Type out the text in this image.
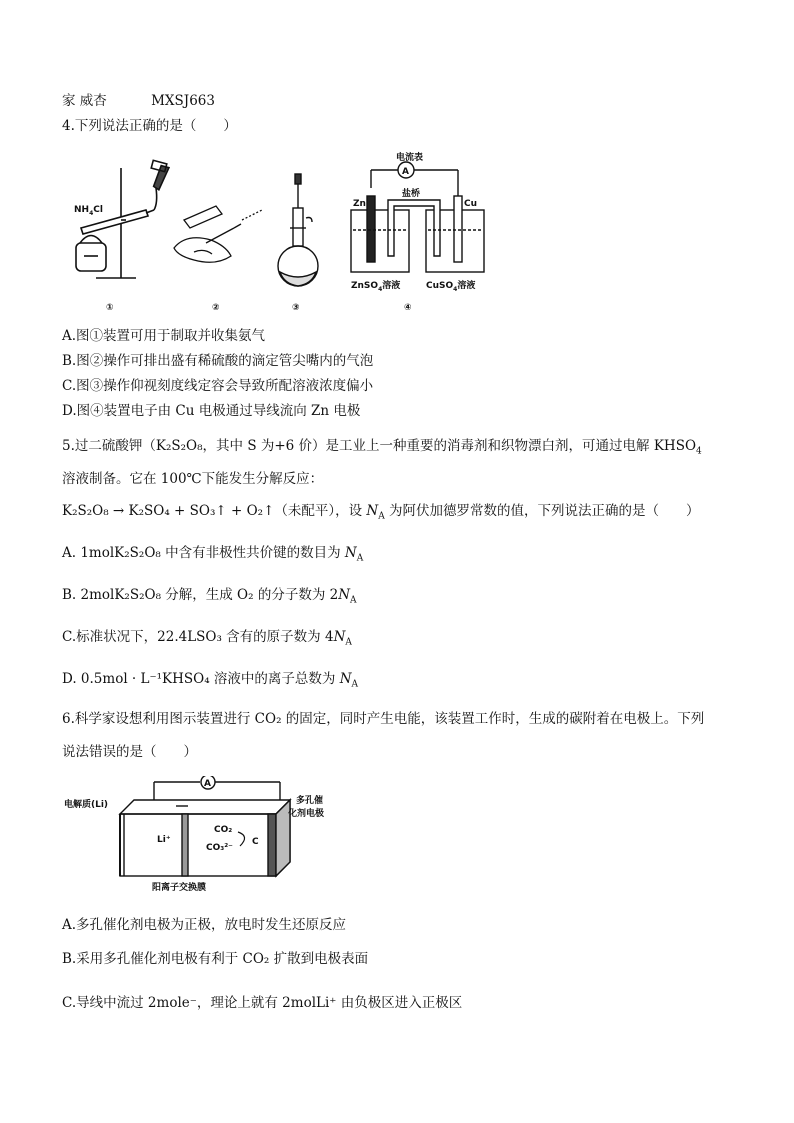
家 威杏	MXSJ663
4.下列说法正确的是（　　）
$NH_4Cl$
电流表
A
盐桥
Zn	Cu
ZnSO$_4$溶液	CuSO$_4$溶液
①	②	③	④
A.图①装置可用于制取并收集氨气
B.图②操作可排出盛有稀硫酸的滴定管尖嘴内的气泡
C.图③操作仰视刻度线定容会导致所配溶液浓度偏小
D.图④装置电子由 Cu 电极通过导线流向 Zn 电极
5.过二硫酸钾（K₂S₂O₈，其中 S 为+6 价）是工业上一种重要的消毒剂和织物漂白剂，可通过电解 $KHSO_4$
溶液制备。它在 100℃下能发生分解反应：
K₂S₂O₈ → K₂SO₄ + SO₃↑ + O₂↑（未配平），设 $N_A$ 为阿伏加德罗常数的值，下列说法正确的是（　　）
A. 1molK₂S₂O₈ 中含有非极性共价键的数目为 $N_A$
B. 2molK₂S₂O₈ 分解，生成 O₂ 的分子数为 $2N_A$
C.标准状况下，22.4LSO₃ 含有的原子数为 $4N_A$
D. 0.5mol · L⁻¹KHSO₄ 溶液中的离子总数为 $N_A$
6.科学家设想利用图示装置进行 CO₂ 的固定，同时产生电能，该装置工作时，生成的碳附着在电极上。下列
说法错误的是（　　）
电解质(Li)	多孔催
化剂电极
Li⁺
CO₂
CO₃²⁻
C
A
阳离子交换膜
A.多孔催化剂电极为正极，放电时发生还原反应
B.采用多孔催化剂电极有利于 CO₂ 扩散到电极表面
C.导线中流过 2mole⁻，理论上就有 2molLi⁺ 由负极区进入正极区
